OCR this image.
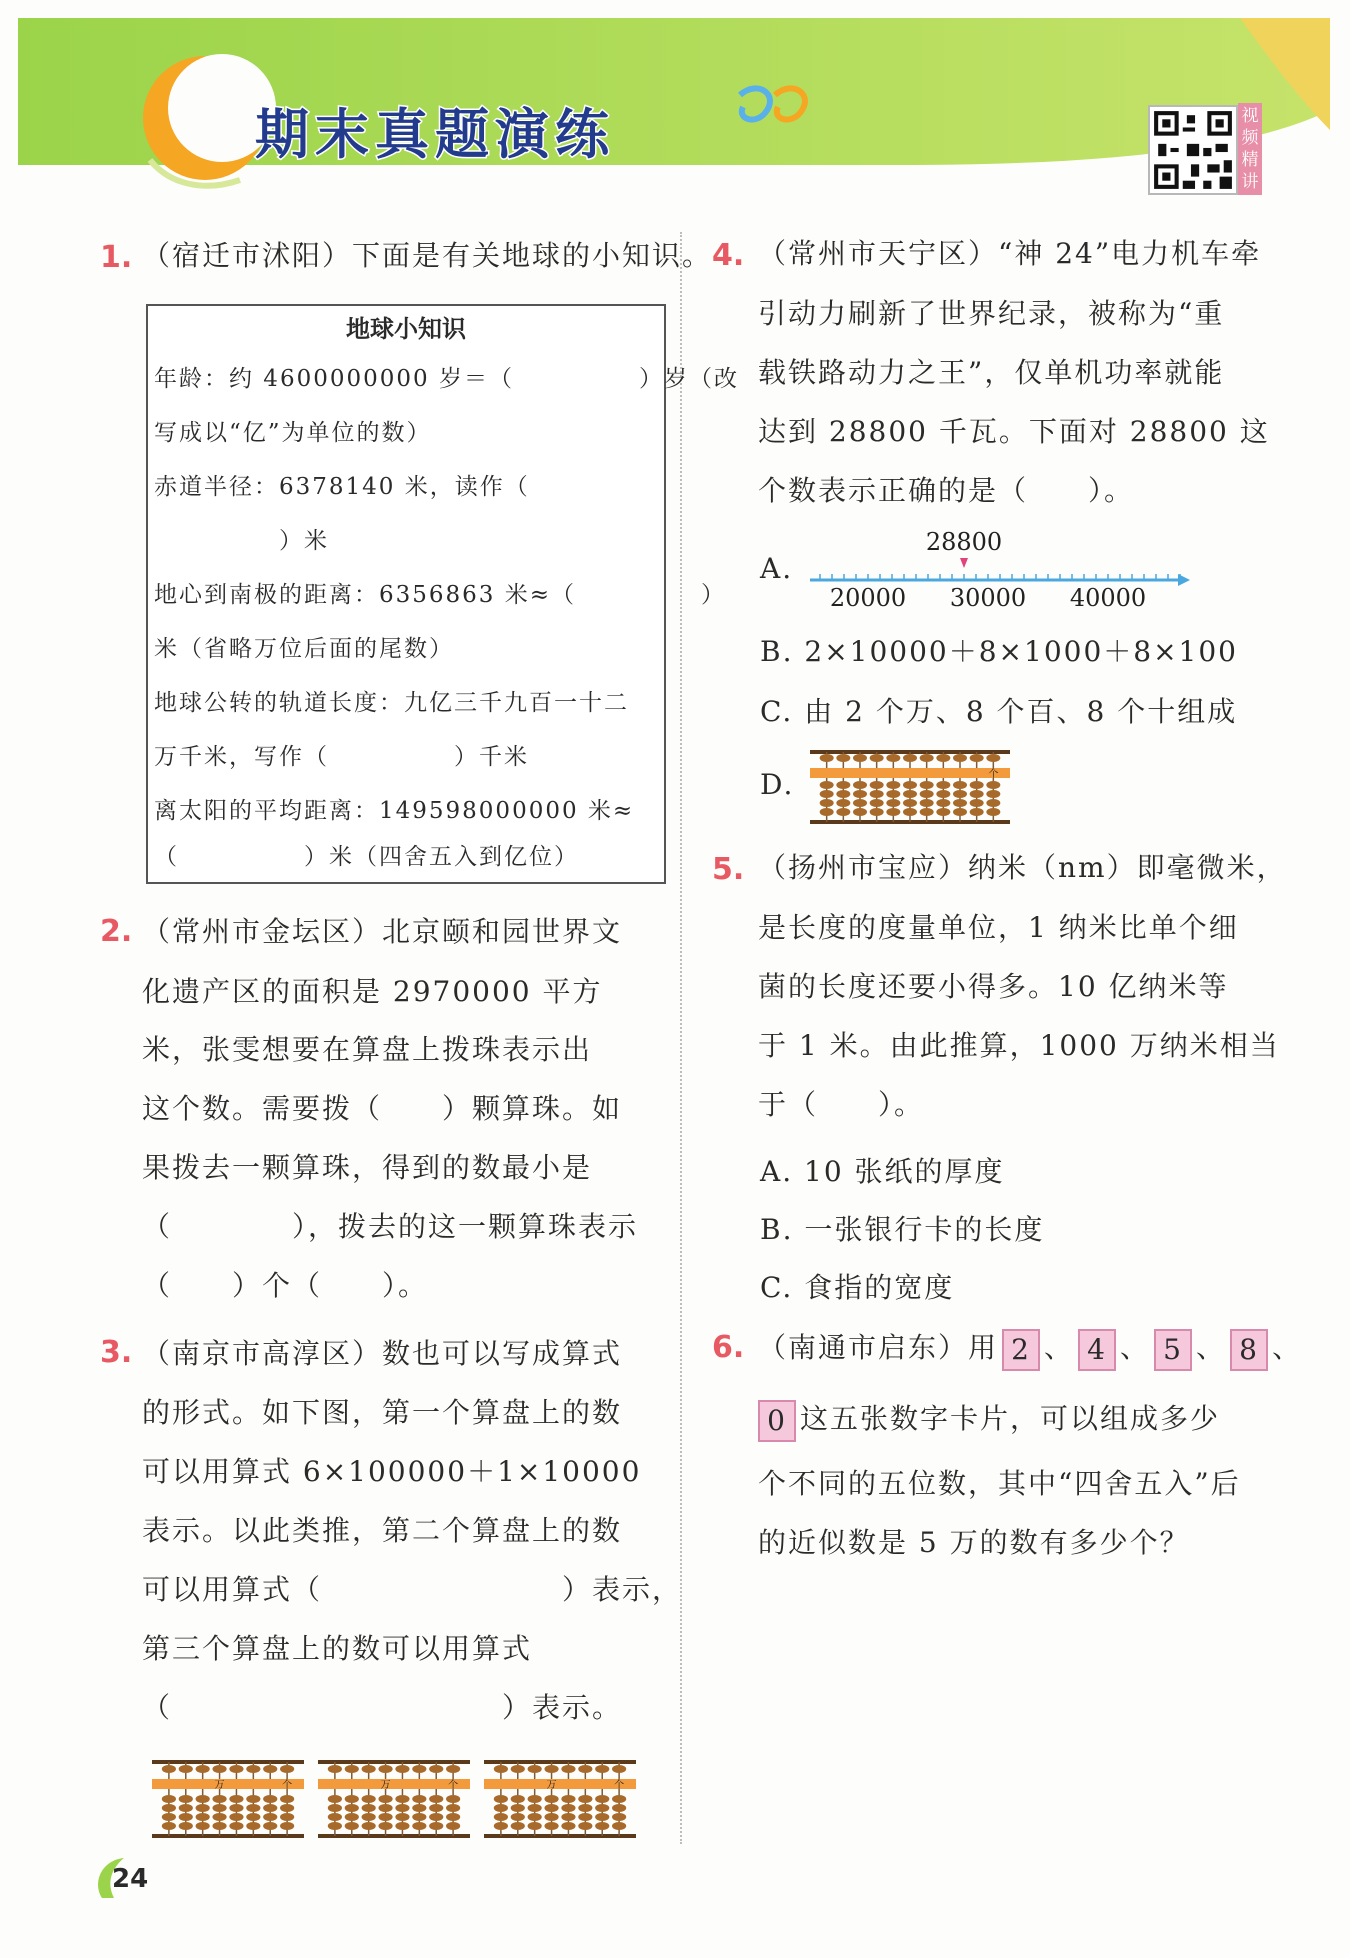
期末真题演练	视频精讲
1. （宿迁市沭阳）下面是有关地球的小知识。
地球小知识
年龄：约 4600000000 岁＝（　　　　　）岁（改
写成以“亿”为单位的数）
赤道半径：6378140 米，读作（
　　　　　）米
地心到南极的距离：6356863 米≈（　　　　　）
米（省略万位后面的尾数）
地球公转的轨道长度：九亿三千九百一十二
万千米，写作（　　　　　）千米
离太阳的平均距离：149598000000 米≈
（　　　　　）米（四舍五入到亿位）
2. （常州市金坛区）北京颐和园世界文
化遗产区的面积是 2970000 平方
米，张雯想要在算盘上拨珠表示出
这个数。需要拨（　　）颗算珠。如
果拨去一颗算珠，得到的数最小是
（　　　　），拨去的这一颗算珠表示
（　　）个（　　）。
3. （南京市高淳区）数也可以写成算式
的形式。如下图，第一个算盘上的数
可以用算式 6×100000＋1×10000
表示。以此类推，第二个算盘上的数
可以用算式（　　　　　　　　）表示，
第三个算盘上的数可以用算式
（　　　　　　　　　　　）表示。
万	个	万	个	万	个
4. （常州市天宁区）“神 24”电力机车牵
引动力刷新了世界纪录，被称为“重
载铁路动力之王”，仅单机功率就能
达到 28800 千瓦。下面对 28800 这
个数表示正确的是（　　）。
A.
28800
20000 30000 40000
B. 2×10000＋8×1000＋8×100
C. 由 2 个万、8 个百、8 个十组成
D.	个
5. （扬州市宝应）纳米（nm）即毫微米，
是长度的度量单位，1 纳米比单个细
菌的长度还要小得多。10 亿纳米等
于 1 米。由此推算，1000 万纳米相当
于（　　）。
A. 10 张纸的厚度
B. 一张银行卡的长度
C. 食指的宽度
6. （南通市启东）用 2 、 4 、 5 、 8 、
0 这五张数字卡片，可以组成多少
个不同的五位数，其中“四舍五入”后
的近似数是 5 万的数有多少个？
24
